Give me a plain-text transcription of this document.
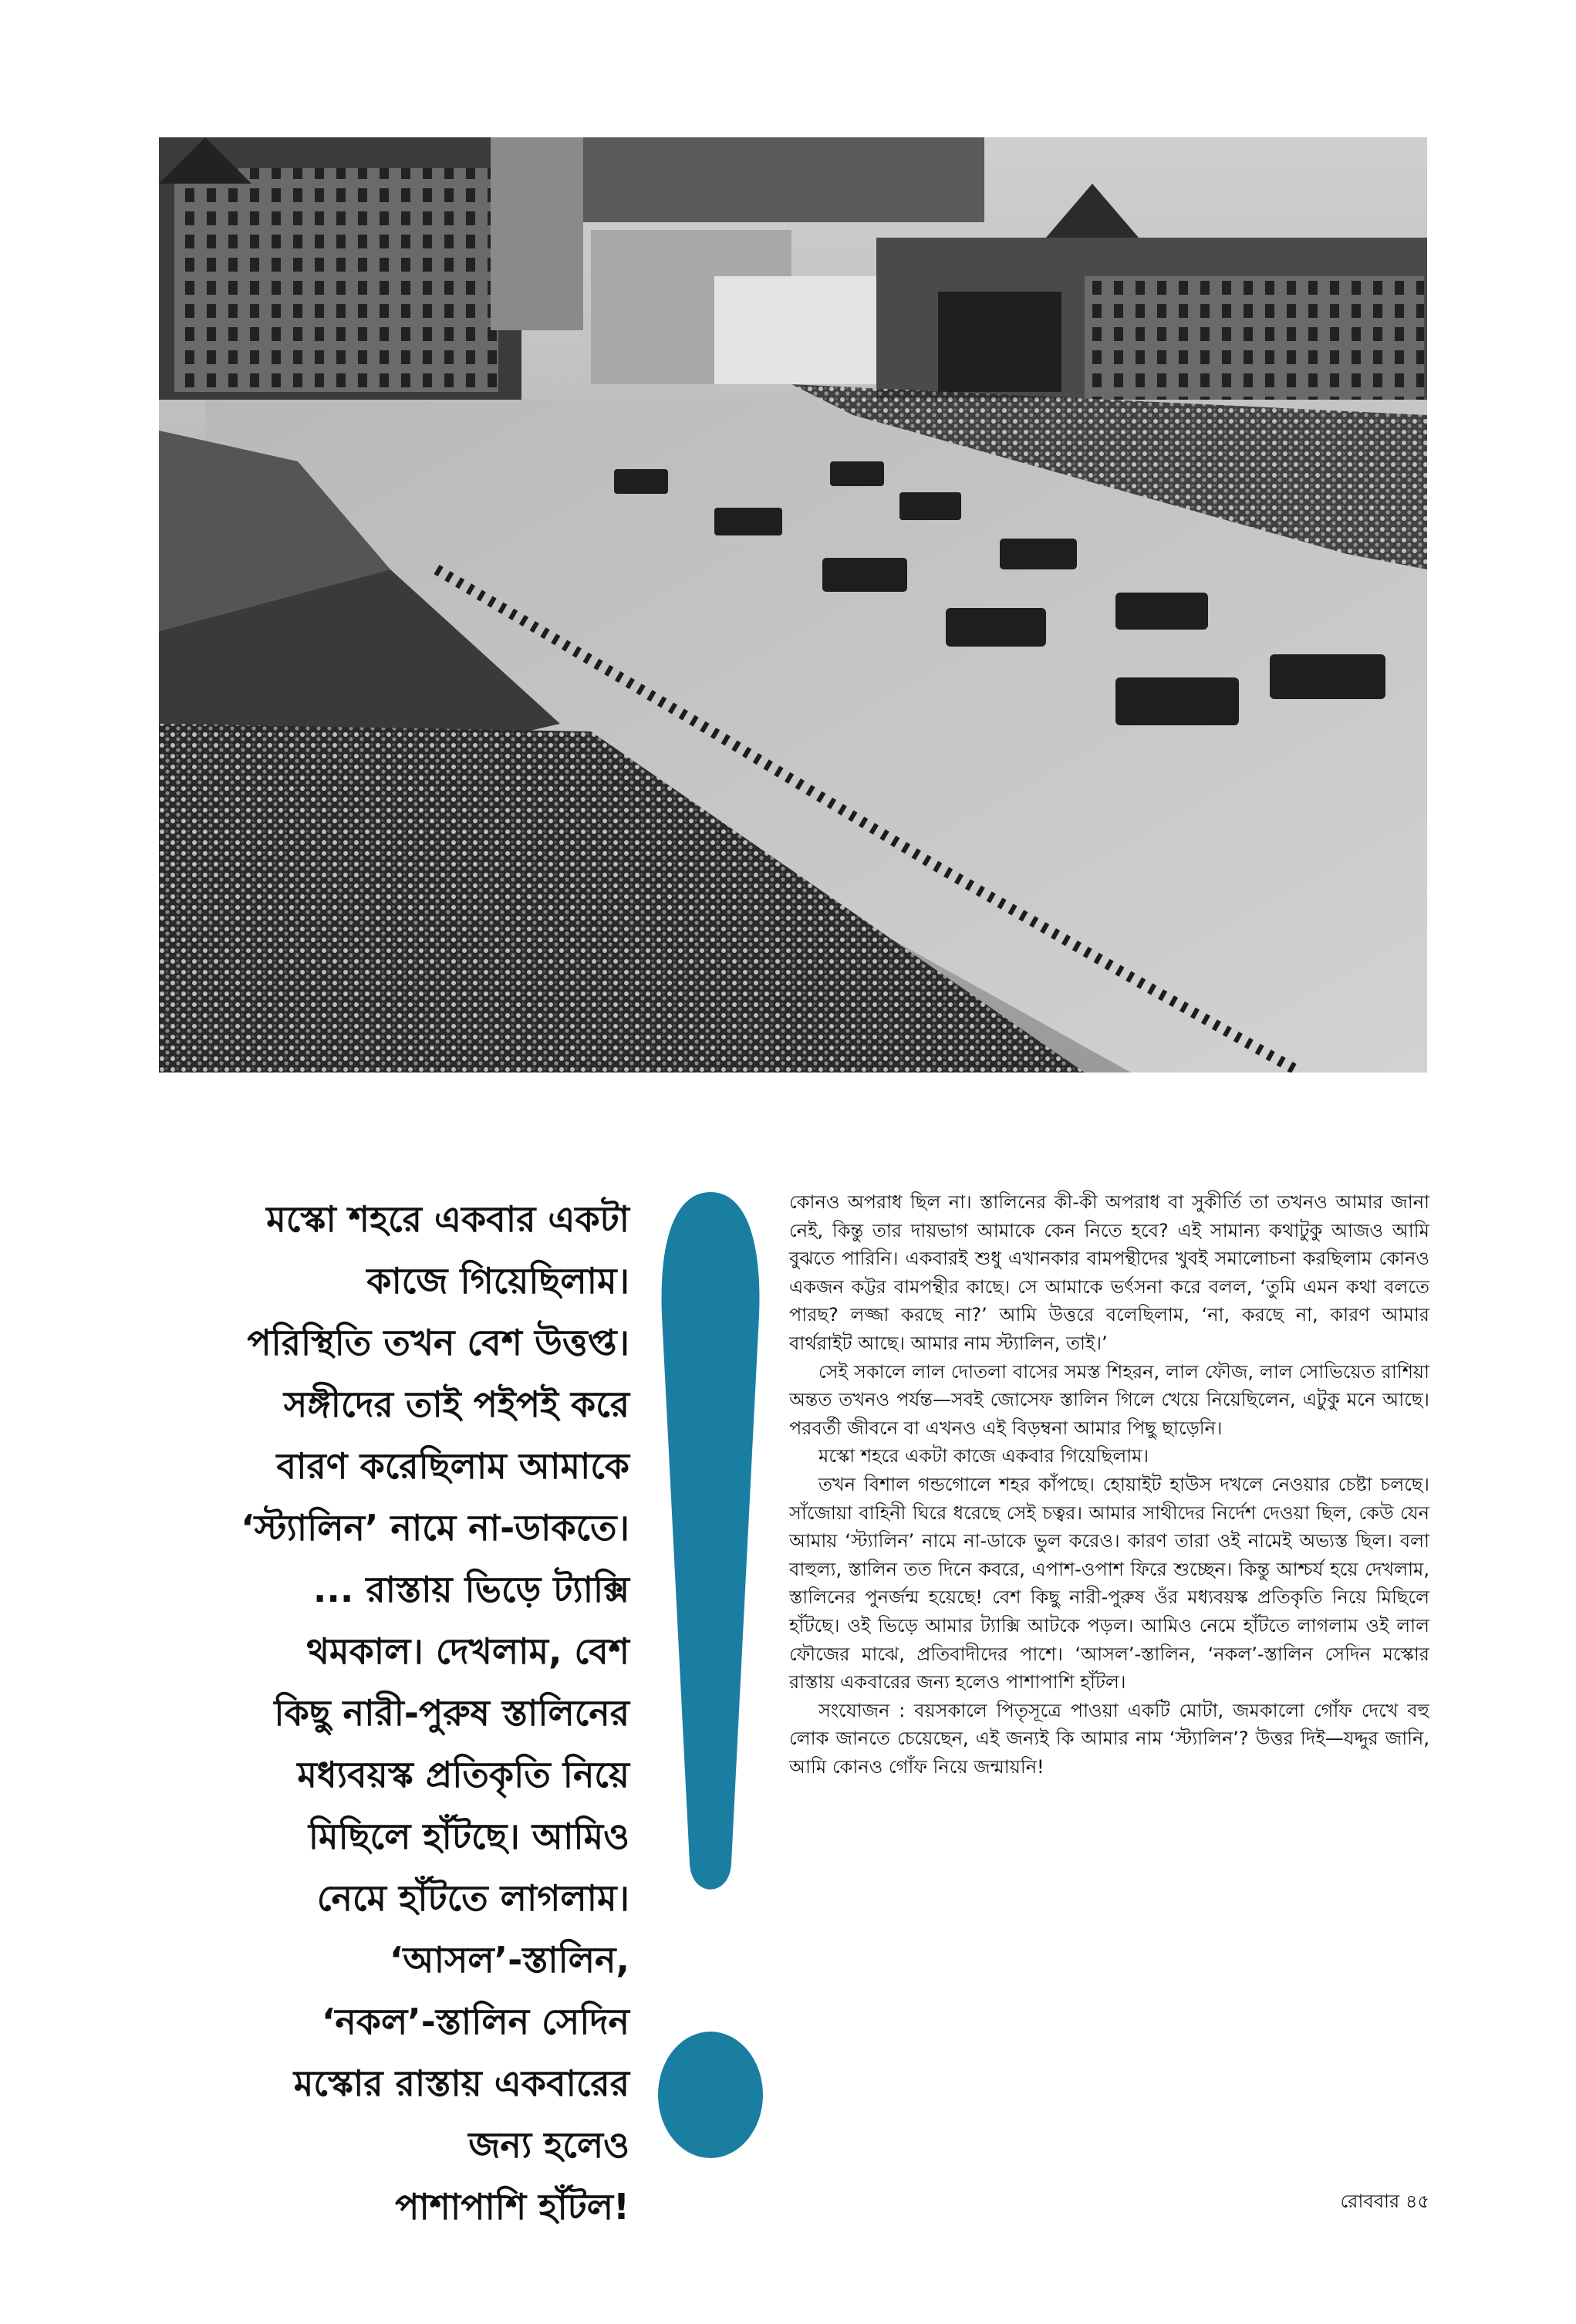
মস্কো শহরে একবার একটা
কাজে গিয়েছিলাম।
পরিস্থিতি তখন বেশ উত্তপ্ত।
সঙ্গীদের তাই পইপই করে
বারণ করেছিলাম আমাকে
‘স্ট্যালিন’ নামে না-ডাকতে।
... রাস্তায় ভিড়ে ট্যাক্সি
থমকাল। দেখলাম, বেশ
কিছু নারী-পুরুষ স্তালিনের
মধ্যবয়স্ক প্রতিকৃতি নিয়ে
মিছিলে হাঁটছে। আমিও
নেমে হাঁটতে লাগলাম।
‘আসল’-স্তালিন,
‘নকল’-স্তালিন সেদিন
মস্কোর রাস্তায় একবারের
জন্য হলেও
পাশাপাশি হাঁটল!

কোনও অপরাধ ছিল না। স্তালিনের কী-কী অপরাধ বা সুকীর্তি তা তখনও আমার জানা নেই, কিন্তু তার দায়ভাগ আমাকে কেন নিতে হবে? এই সামান্য কথাটুকু আজও আমি বুঝতে পারিনি। একবারই শুধু এখানকার বামপন্থীদের খুবই সমালোচনা করছিলাম কোনও একজন কট্টর বামপন্থীর কাছে। সে আমাকে ভর্ৎসনা করে বলল, ‘তুমি এমন কথা বলতে পারছ? লজ্জা করছে না?’ আমি উত্তরে বলেছিলাম, ‘না, করছে না, কারণ আমার বার্থরাইট আছে। আমার নাম স্ট্যালিন, তাই।’

সেই সকালে লাল দোতলা বাসের সমস্ত শিহরন, লাল ফৌজ, লাল সোভিয়েত রাশিয়া অন্তত তখনও পর্যন্ত—সবই জোসেফ স্তালিন গিলে খেয়ে নিয়েছিলেন, এটুকু মনে আছে। পরবর্তী জীবনে বা এখনও এই বিড়ম্বনা আমার পিছু ছাড়েনি।

মস্কো শহরে একটা কাজে একবার গিয়েছিলাম।

তখন বিশাল গন্ডগোলে শহর কাঁপছে। হোয়াইট হাউস দখলে নেওয়ার চেষ্টা চলছে। সাঁজোয়া বাহিনী ঘিরে ধরেছে সেই চত্বর। আমার সাথীদের নির্দেশ দেওয়া ছিল, কেউ যেন আমায় ‘স্ট্যালিন’ নামে না-ডাকে ভুল করেও। কারণ তারা ওই নামেই অভ্যস্ত ছিল। বলা বাহুল্য, স্তালিন তত দিনে কবরে, এপাশ-ওপাশ ফিরে শুচ্ছেন। কিন্তু আশ্চর্য হয়ে দেখলাম, স্তালিনের পুনর্জন্ম হয়েছে! বেশ কিছু নারী-পুরুষ ওঁর মধ্যবয়স্ক প্রতিকৃতি নিয়ে মিছিলে হাঁটছে। ওই ভিড়ে আমার ট্যাক্সি আটকে পড়ল। আমিও নেমে হাঁটতে লাগলাম ওই লাল ফৌজের মাঝে, প্রতিবাদীদের পাশে। ‘আসল’-স্তালিন, ‘নকল’-স্তালিন সেদিন মস্কোর রাস্তায় একবারের জন্য হলেও পাশাপাশি হাঁটল।

সংযোজন : বয়সকালে পিতৃসূত্রে পাওয়া একটি মোটা, জমকালো গোঁফ দেখে বহু লোক জানতে চেয়েছেন, এই জন্যই কি আমার নাম ‘স্ট্যালিন’? উত্তর দিই—যদ্দুর জানি, আমি কোনও গোঁফ নিয়ে জন্মায়নি!

রোববার ৪৫
